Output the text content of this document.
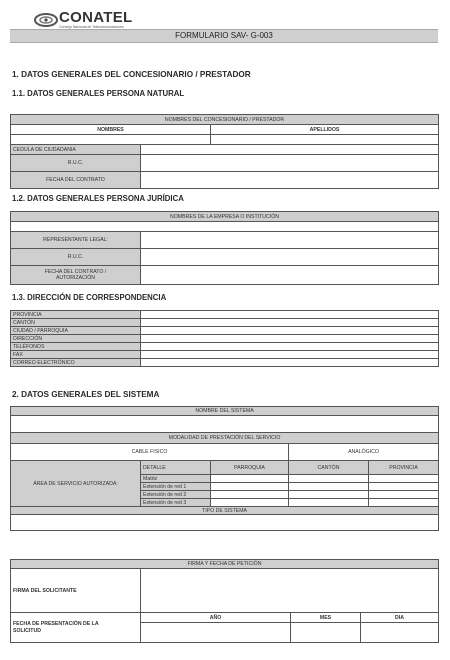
CONATEL
Consejo Nacional de Telecomunicaciones
FORMULARIO SAV- G-003
1. DATOS GENERALES DEL CONCESIONARIO / PRESTADOR
1.1. DATOS GENERALES PERSONA NATURAL

NOMBRES DEL CONCESIONARIO / PRESTADOR		
NOMBRES		APELLIDOS

CEDULA DE CIUDADANIA		
R.U.C.		
FECHA DEL CONTRATO		
1.2. DATOS GENERALES PERSONA JURÍDICA
NOMBRES DE LA EMPRESA O INSTITUCIÓN	

REPRESENTANTE LEGAL:	
R.U.C.	
FECHA DEL CONTRATO /
AUTORIZACIÓN	
1.3. DIRECCIÓN DE CORRESPONDENCIA
PROVINCIA	
CANTÓN	
CIUDAD / PARROQUIA	
DIRECCIÓN	
TELÉFONOS	
FAX	
CORREO ELECTRÓNICO	
2. DATOS GENERALES DEL SISTEMA
NOMBRE DEL SISTEMA				

MODALIDAD DE PRESTACIÓN DEL SERVICIO				
CABLE FISICO			ANALÓGICO	
ÁREA DE SERVICIO AUTORIZADA:	DETALLE	PARROQUIA	CANTÓN	PROVINCIA
	Matriz			
	Extensión de red 1			
	Extensión de red 2			
	Extensión de red 3			
TIPO DE SISTEMA				

FIRMA Y FECHA DE PETICIÓN			
FIRMA DEL SOLICITANTE			
FECHA DE PRESENTACIÓN DE LA
SOLICITUD	AÑO	MES	DIA
